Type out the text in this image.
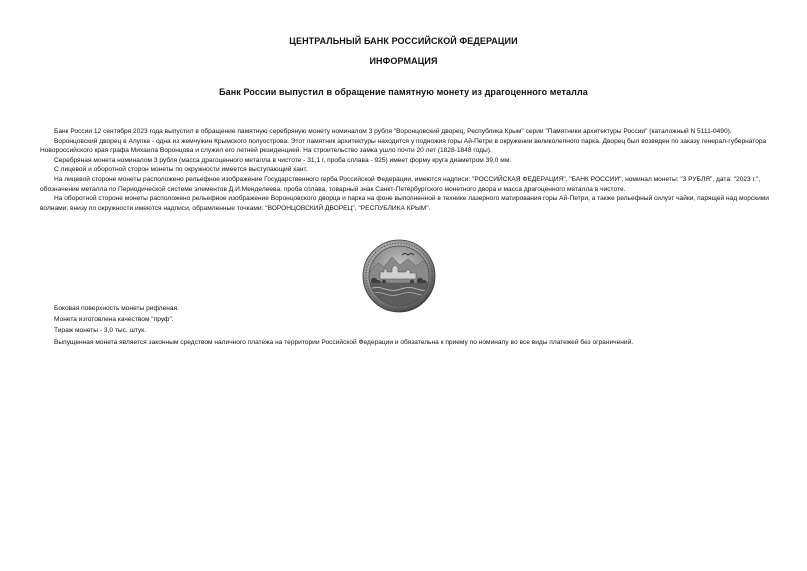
ЦЕНТРАЛЬНЫЙ БАНК РОССИЙСКОЙ ФЕДЕРАЦИИ
ИНФОРМАЦИЯ
Банк России выпустил в обращение памятную монету из драгоценного металла

Банк России 12 сентября 2023 года выпустил в обращение памятную серебряную монету номиналом 3 рубля "Воронцовский дворец, Республика Крым" серии "Памятники архитектуры России" (каталожный N 5111-0490).

Воронцовский дворец в Алупке - одна из жемчужин Крымского полуострова. Этот памятник архитектуры находится у подножия горы Ай-Петри в окружении великолепного парка. Дворец был возведен по заказу генерал-губернатора Новороссийского края графа Михаила Воронцова и служил его летней резиденцией. На строительство замка ушло почти 20 лет (1828-1848 годы).

Серебряная монета номиналом 3 рубля (масса драгоценного металла в чистоте - 31,1 г, проба сплава - 925) имеет форму круга диаметром 39,0 мм.

С лицевой и оборотной сторон монеты по окружности имеется выступающий кант.

На лицевой стороне монеты расположено рельефное изображение Государственного герба Российской Федерации, имеются надписи: "РОССИЙСКАЯ ФЕДЕРАЦИЯ", "БАНК РОССИИ", номинал монеты: "3 РУБЛЯ", дата: "2023 г.", обозначение металла по Периодической системе элементов Д.И.Менделеева, проба сплава, товарный знак Санкт-Петербургского монетного двора и масса драгоценного металла в чистоте.

На оборотной стороне монеты расположено рельефное изображение Воронцовского дворца и парка на фоне выполненной в технике лазерного матирования горы Ай-Петри, а также рельефный силуэт чайки, парящей над морскими волнами; внизу по окружности имеются надписи, обрамленные точками: "ВОРОНЦОВСКИЙ ДВОРЕЦ", "РЕСПУБЛИКА КРЫМ".

Боковая поверхность монеты рифленая.

Монета изготовлена качеством "пруф".

Тираж монеты - 3,0 тыс. штук.

Выпущенная монета является законным средством наличного платежа на территории Российской Федерации и обязательна к приему по номиналу во все виды платежей без ограничений.
